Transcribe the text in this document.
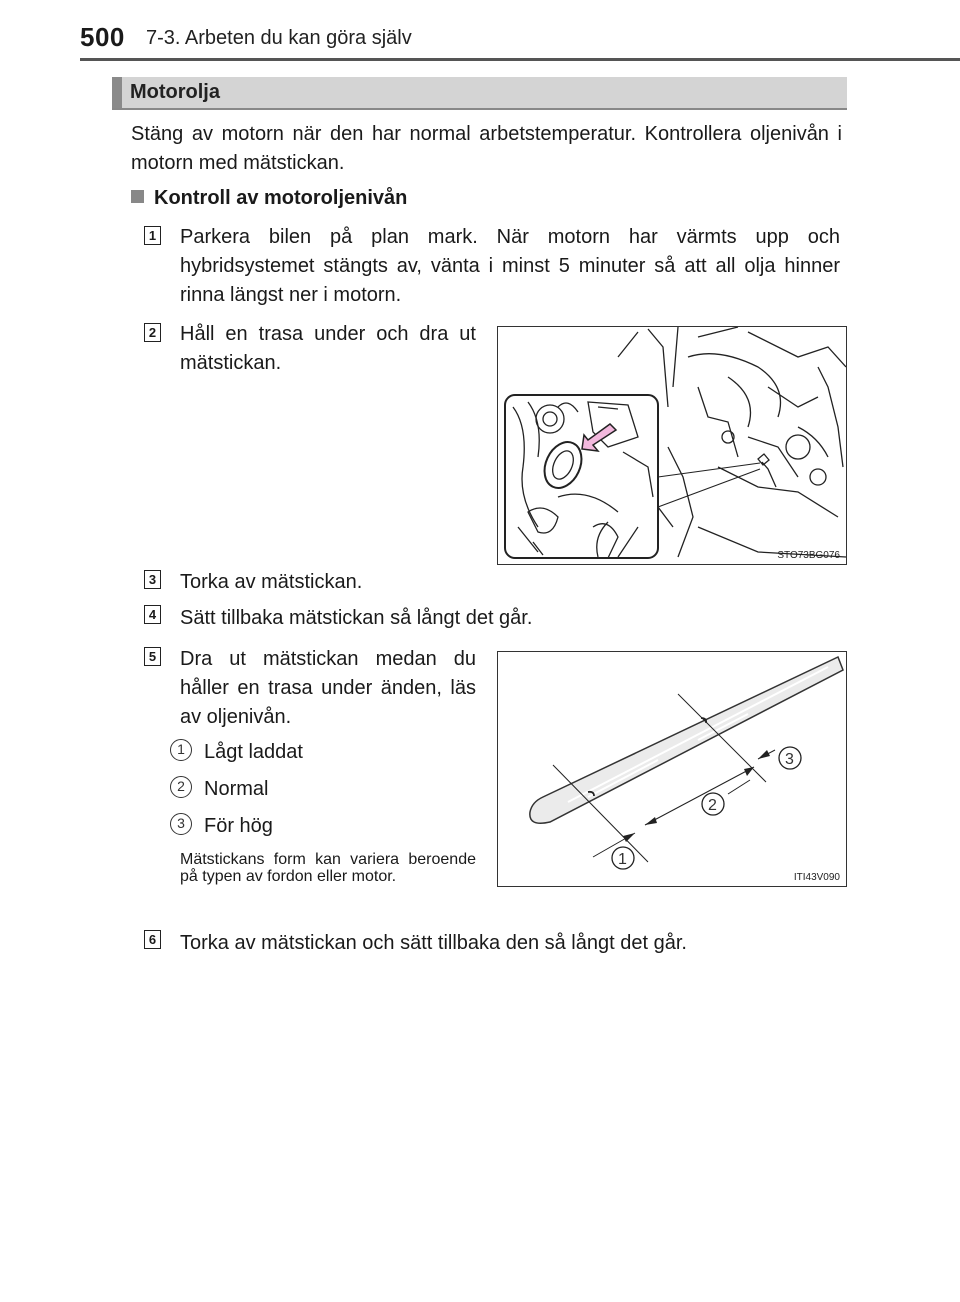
500 7-3. Arbeten du kan göra själv
Motorolja
Stäng av motorn när den har normal arbetstemperatur. Kontrollera oljenivån i motorn med mätstickan.
Kontroll av motoroljenivån
1 Parkera bilen på plan mark. När motorn har värmts upp och hybridsystemet stängts av, vänta i minst 5 minuter så att all olja hinner rinna längst ner i motorn.
2 Håll en trasa under och dra ut mätstickan.
STO73BG076
3 Torka av mätstickan.
4 Sätt tillbaka mätstickan så långt det går.
5 Dra ut mätstickan medan du håller en trasa under änden, läs av oljenivån.
1 Lågt laddat
2 Normal
3 För hög
Mätstickans form kan variera beroende på typen av fordon eller motor.
1
2
3
ITI43V090
6 Torka av mätstickan och sätt tillbaka den så långt det går.
